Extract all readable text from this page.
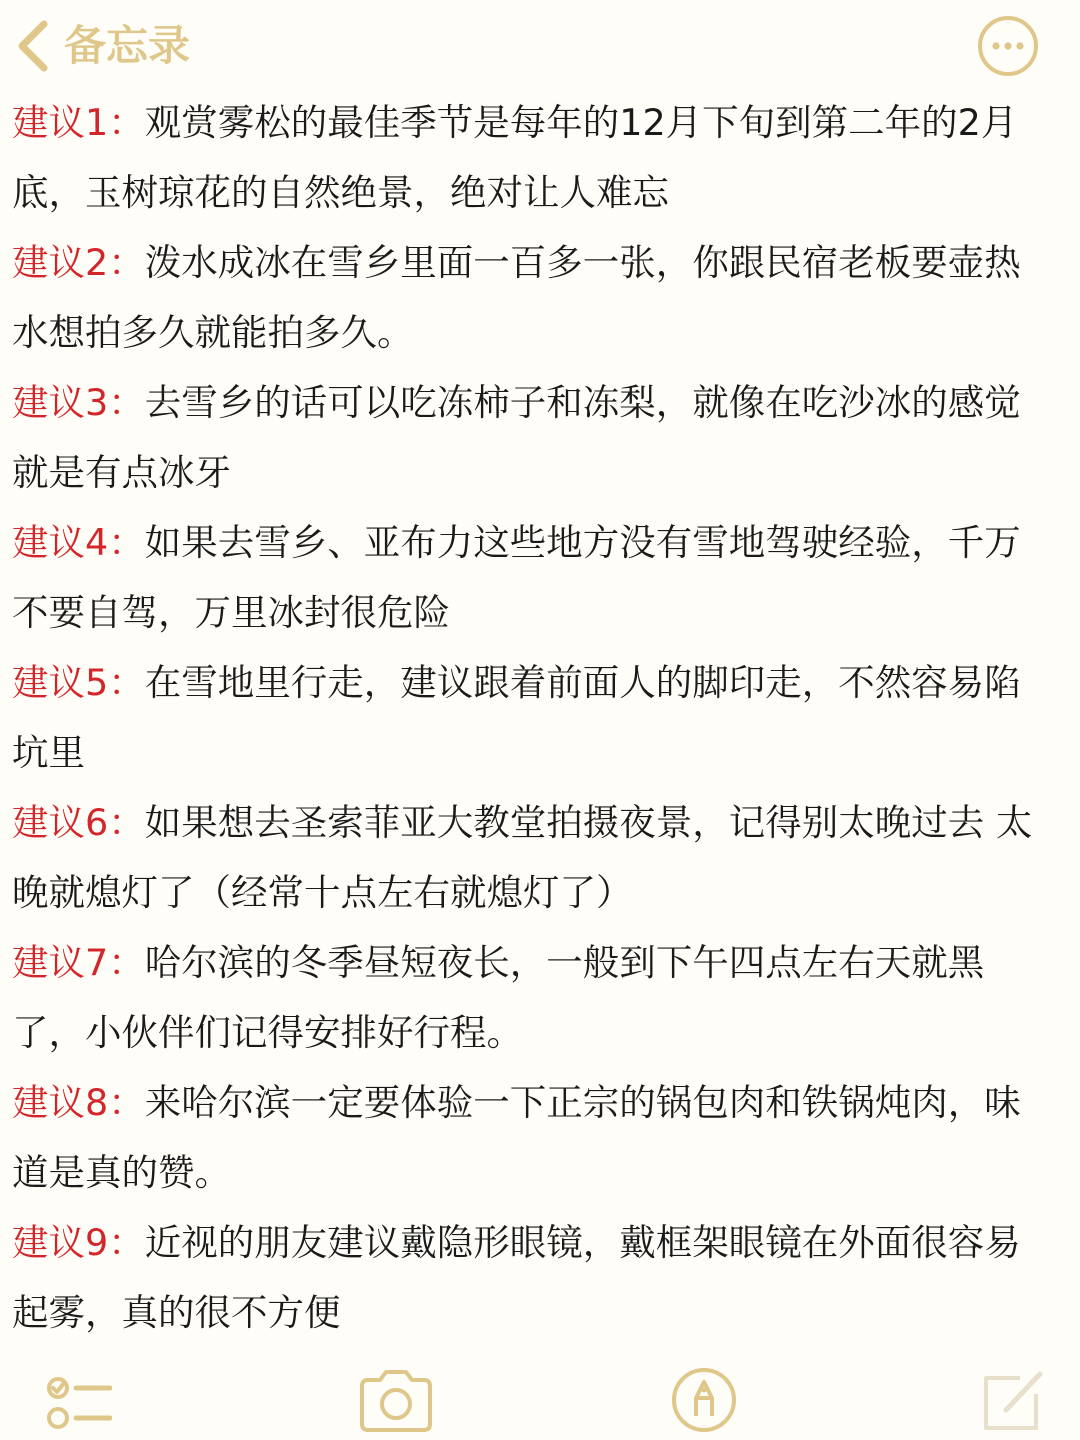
备忘录

建议1：观赏雾松的最佳季节是每年的12月下旬到第二年的2月底，玉树琼花的自然绝景，绝对让人难忘

建议2：泼水成冰在雪乡里面一百多一张，你跟民宿老板要壶热水想拍多久就能拍多久。

建议3：去雪乡的话可以吃冻柿子和冻梨，就像在吃沙冰的感觉就是有点冰牙

建议4：如果去雪乡、亚布力这些地方没有雪地驾驶经验，千万不要自驾，万里冰封很危险

建议5：在雪地里行走，建议跟着前面人的脚印走，不然容易陷坑里

建议6：如果想去圣索菲亚大教堂拍摄夜景，记得别太晚过去 太晚就熄灯了（经常十点左右就熄灯了）

建议7：哈尔滨的冬季昼短夜长，一般到下午四点左右天就黑了，小伙伴们记得安排好行程。

建议8：来哈尔滨一定要体验一下正宗的锅包肉和铁锅炖肉，味道是真的赞。

建议9：近视的朋友建议戴隐形眼镜，戴框架眼镜在外面很容易起雾，真的很不方便
